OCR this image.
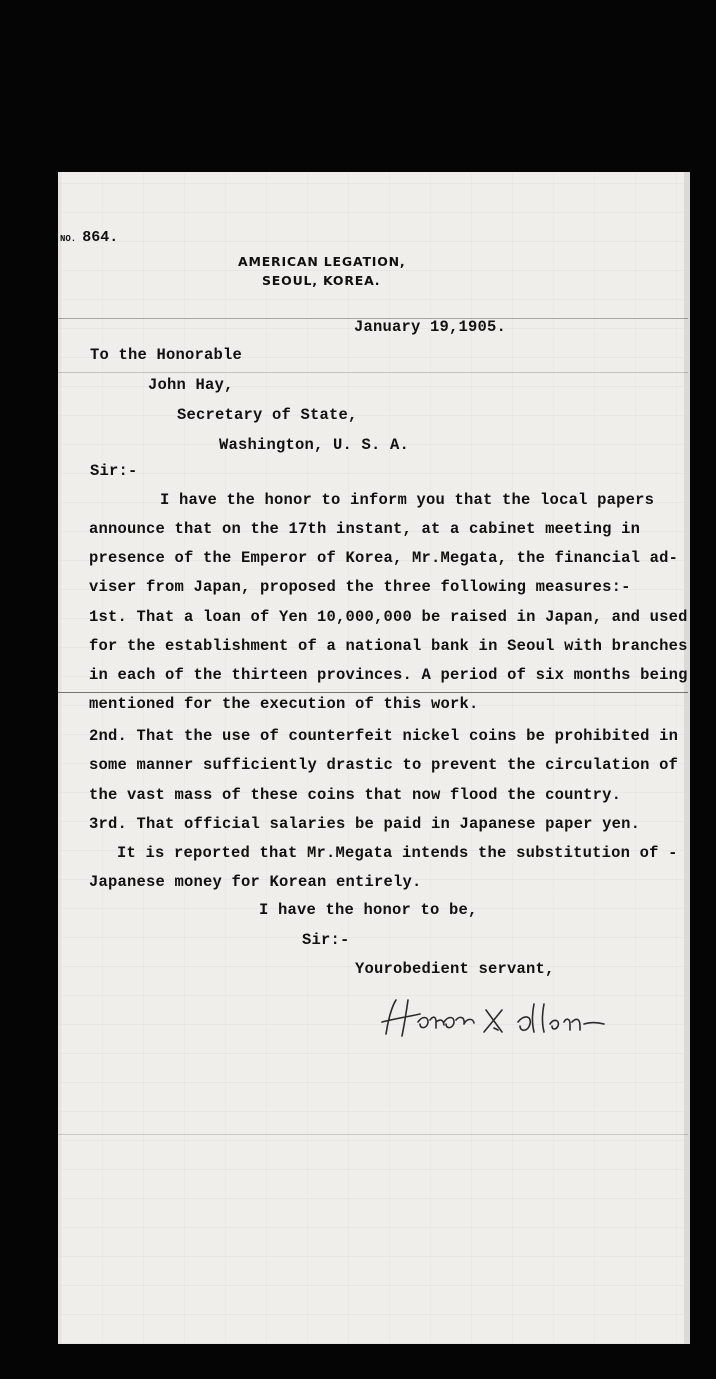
NO. 864.
AMERICAN LEGATION,
SEOUL, KOREA.
January 19,1905.
To the Honorable
John Hay,
Secretary of State,
Washington, U. S. A.
Sir:-
I have the honor to inform you that the local papers
announce that on the 17th instant, at a cabinet meeting in
presence of the Emperor of Korea, Mr.Megata, the financial ad-
viser from Japan, proposed the three following measures:-
1st. That a loan of Yen 10,000,000 be raised in Japan, and used
for the establishment of a national bank in Seoul with branches
in each of the thirteen provinces. A period of six months being
mentioned for the execution of this work.
2nd. That the use of counterfeit nickel coins be prohibited in
some manner sufficiently drastic to prevent the circulation of
the vast mass of these coins that now flood the country.
3rd. That official salaries be paid in Japanese paper yen.
It is reported that Mr.Megata intends the substitution of -
Japanese money for Korean entirely.
I have the honor to be,
Sir:-
Yourobedient servant,
